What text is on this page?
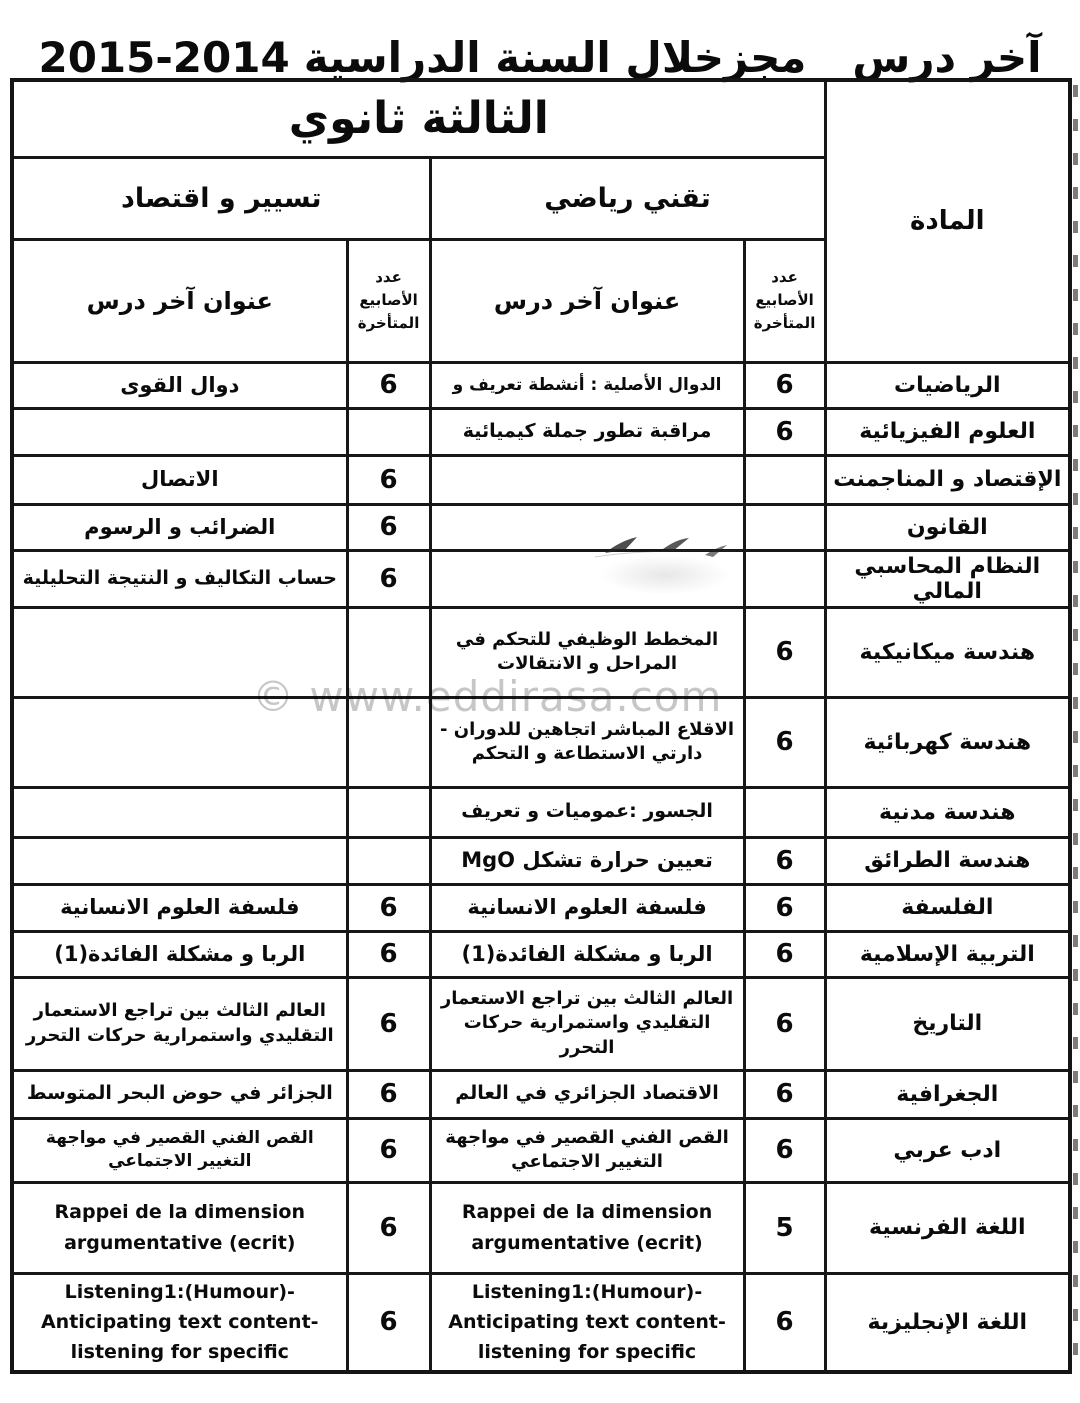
آخر درس
مجزخلال السنة الدراسية
2015-2014
المادة	الثالثة ثانوي			
	تقني رياضي		تسيير و اقتصاد	
	عدد الأصابيع المتأخرة	عنوان آخر درس	عدد الأصابيع المتأخرة	عنوان آخر درس
الرياضيات	6	الدوال الأصلية : أنشطة تعريف و	6	دوال القوى
العلوم الفيزيائية	6	مراقبة تطور جملة كيميائية		
الإقتصاد و المناجمنت			6	الاتصال
القانون			6	الضرائب و الرسوم
النظام المحاسبي المالي			6	حساب التكاليف و النتيجة التحليلية
هندسة ميكانيكية	6	المخطط الوظيفي للتحكم في المراحل و الانتقالات		
هندسة كهربائية	6	الاقلاع المباشر اتجاهين للدوران - دارتي الاستطاعة و التحكم		
هندسة مدنية		الجسور :عموميات و تعريف		
هندسة الطرائق	6	تعيين حرارة تشكل MgO		
الفلسفة	6	فلسفة العلوم الانسانية	6	فلسفة العلوم الانسانية
التربية الإسلامية	6	الربا و مشكلة الفائدة(1)	6	الربا و مشكلة الفائدة(1)
التاريخ	6	العالم الثالث بين تراجع الاستعمار التقليدي واستمرارية حركات التحرر	6	العالم الثالث بين تراجع الاستعمار التقليدي واستمرارية حركات التحرر
الجغرافية	6	الاقتصاد الجزائري في العالم	6	الجزائر في حوض البحر المتوسط
ادب عربي	6	القص الفني القصير في مواجهة التغيير الاجتماعي	6	القص الفني القصير في مواجهة التغيير الاجتماعي
اللغة الفرنسية	5	Rappei de la dimension argumentative (ecrit)	6	Rappei de la dimension argumentative (ecrit)
اللغة الإنجليزية	6	Listening1:(Humour)- Anticipating text content- listening for specific	6	Listening1:(Humour)- Anticipating text content- listening for specific
© www.eddirasa.com
